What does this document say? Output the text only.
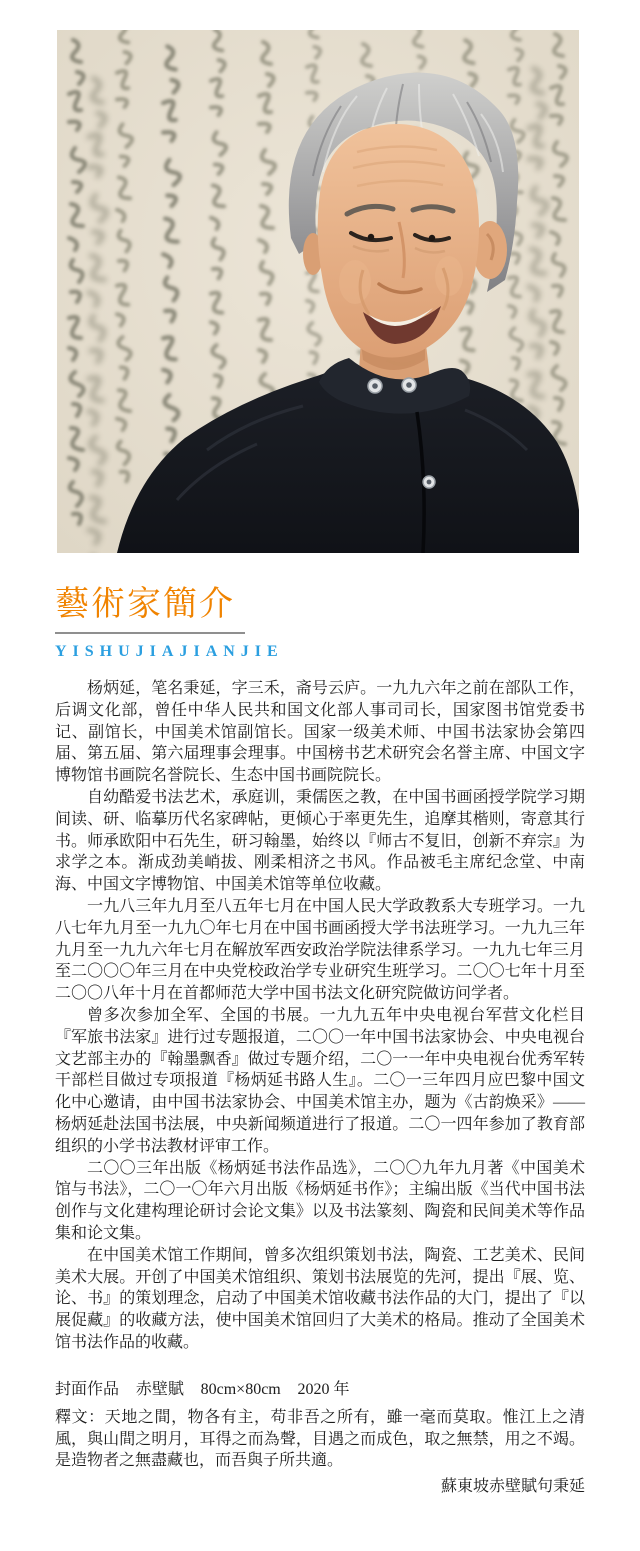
藝術家簡介
YISHUJIAJIANJIE

杨炳延，笔名秉延，字三禾，斋号云庐。一九九六年之前在部队工作，后调文化部，曾任中华人民共和国文化部人事司司长，国家图书馆党委书记、副馆长，中国美术馆副馆长。国家一级美术师、中国书法家协会第四届、第五届、第六届理事会理事。中国榜书艺术研究会名誉主席、中国文字博物馆书画院名誉院长、生态中国书画院院长。

自幼酷爱书法艺术，承庭训，秉儒医之教，在中国书画函授学院学习期间读、研、临摹历代名家碑帖，更倾心于率更先生，追摩其楷则，寄意其行书。师承欧阳中石先生，研习翰墨，始终以『师古不复旧，创新不弃宗』为求学之本。渐成劲美峭拔、刚柔相济之书风。作品被毛主席纪念堂、中南海、中国文字博物馆、中国美术馆等单位收藏。

一九八三年九月至八五年七月在中国人民大学政教系大专班学习。一九八七年九月至一九九〇年七月在中国书画函授大学书法班学习。一九九三年九月至一九九六年七月在解放军西安政治学院法律系学习。一九九七年三月至二〇〇〇年三月在中央党校政治学专业研究生班学习。二〇〇七年十月至二〇〇八年十月在首都师范大学中国书法文化研究院做访问学者。

曾多次参加全军、全国的书展。一九九五年中央电视台军营文化栏目『军旅书法家』进行过专题报道，二〇〇一年中国书法家协会、中央电视台文艺部主办的『翰墨飘香』做过专题介绍，二〇一一年中央电视台优秀军转干部栏目做过专项报道『杨炳延书路人生』。二〇一三年四月应巴黎中国文化中心邀请，由中国书法家协会、中国美术馆主办，题为《古韵焕采》——杨炳延赴法国书法展，中央新闻频道进行了报道。二〇一四年参加了教育部组织的小学书法教材评审工作。

二〇〇三年出版《杨炳延书法作品选》，二〇〇九年九月著《中国美术馆与书法》，二〇一〇年六月出版《杨炳延书作》；主编出版《当代中国书法创作与文化建构理论研讨会论文集》以及书法篆刻、陶瓷和民间美术等作品集和论文集。

在中国美术馆工作期间，曾多次组织策划书法，陶瓷、工艺美术、民间美术大展。开创了中国美术馆组织、策划书法展览的先河，提出『展、览、论、书』的策划理念，启动了中国美术馆收藏书法作品的大门，提出了『以展促藏』的收藏方法，使中国美术馆回归了大美术的格局。推动了全国美术馆书法作品的收藏。

封面作品 赤壁賦 80cm×80cm 2020 年

釋文：天地之間，物各有主，苟非吾之所有，雖一毫而莫取。惟江上之清風，與山間之明月，耳得之而為聲，目遇之而成色，取之無禁，用之不竭。是造物者之無盡藏也，而吾與子所共適。

蘇東坡赤壁賦句秉延
